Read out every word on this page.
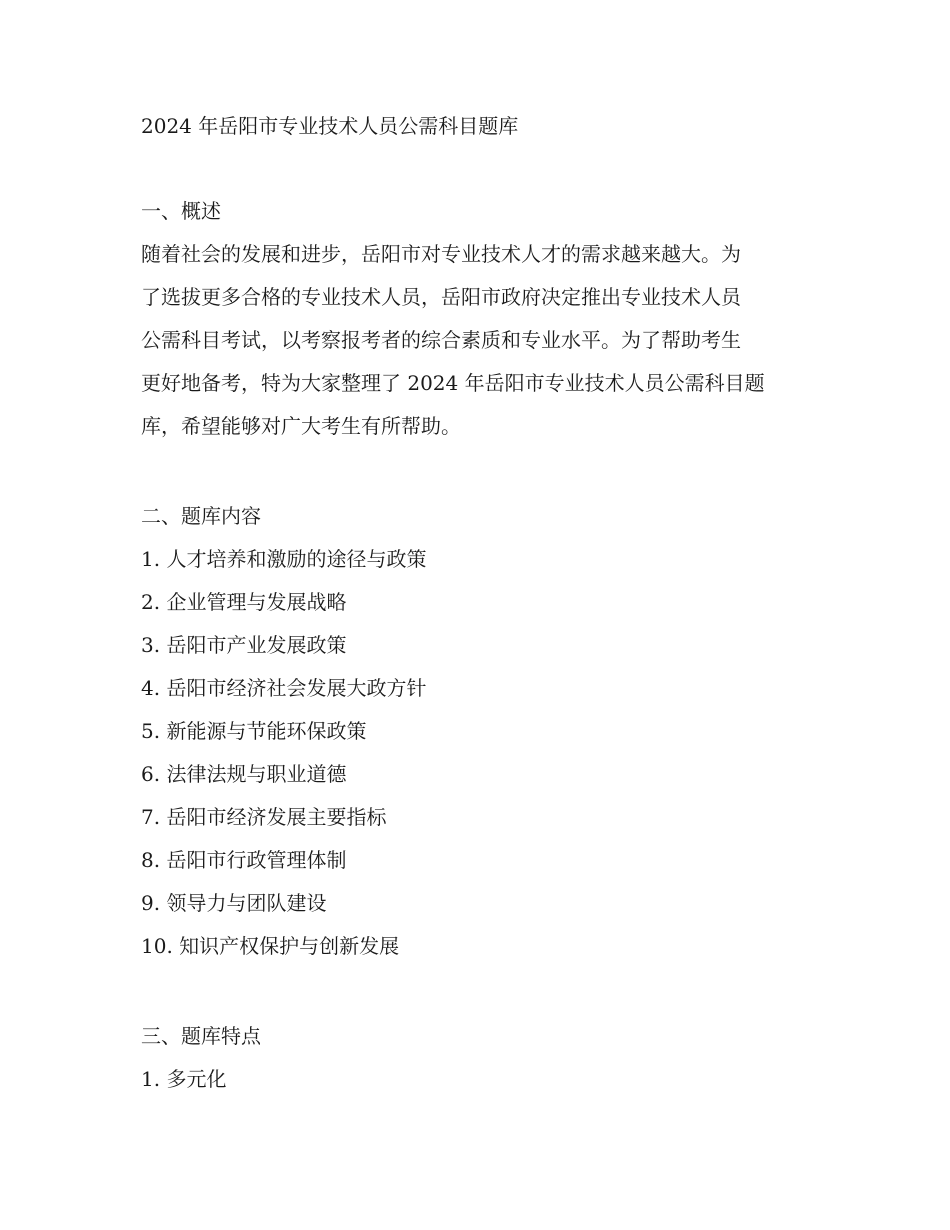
2024 年岳阳市专业技术人员公需科目题库
一、概述

随着社会的发展和进步，岳阳市对专业技术人才的需求越来越大。为
了选拔更多合格的专业技术人员，岳阳市政府决定推出专业技术人员
公需科目考试，以考察报考者的综合素质和专业水平。为了帮助考生
更好地备考，特为大家整理了 2024 年岳阳市专业技术人员公需科目题
库，希望能够对广大考生有所帮助。

二、题库内容
1. 人才培养和激励的途径与政策
2. 企业管理与发展战略
3. 岳阳市产业发展政策
4. 岳阳市经济社会发展大政方针
5. 新能源与节能环保政策
6. 法律法规与职业道德
7. 岳阳市经济发展主要指标
8. 岳阳市行政管理体制
9. 领导力与团队建设
10. 知识产权保护与创新发展
三、题库特点
1. 多元化
